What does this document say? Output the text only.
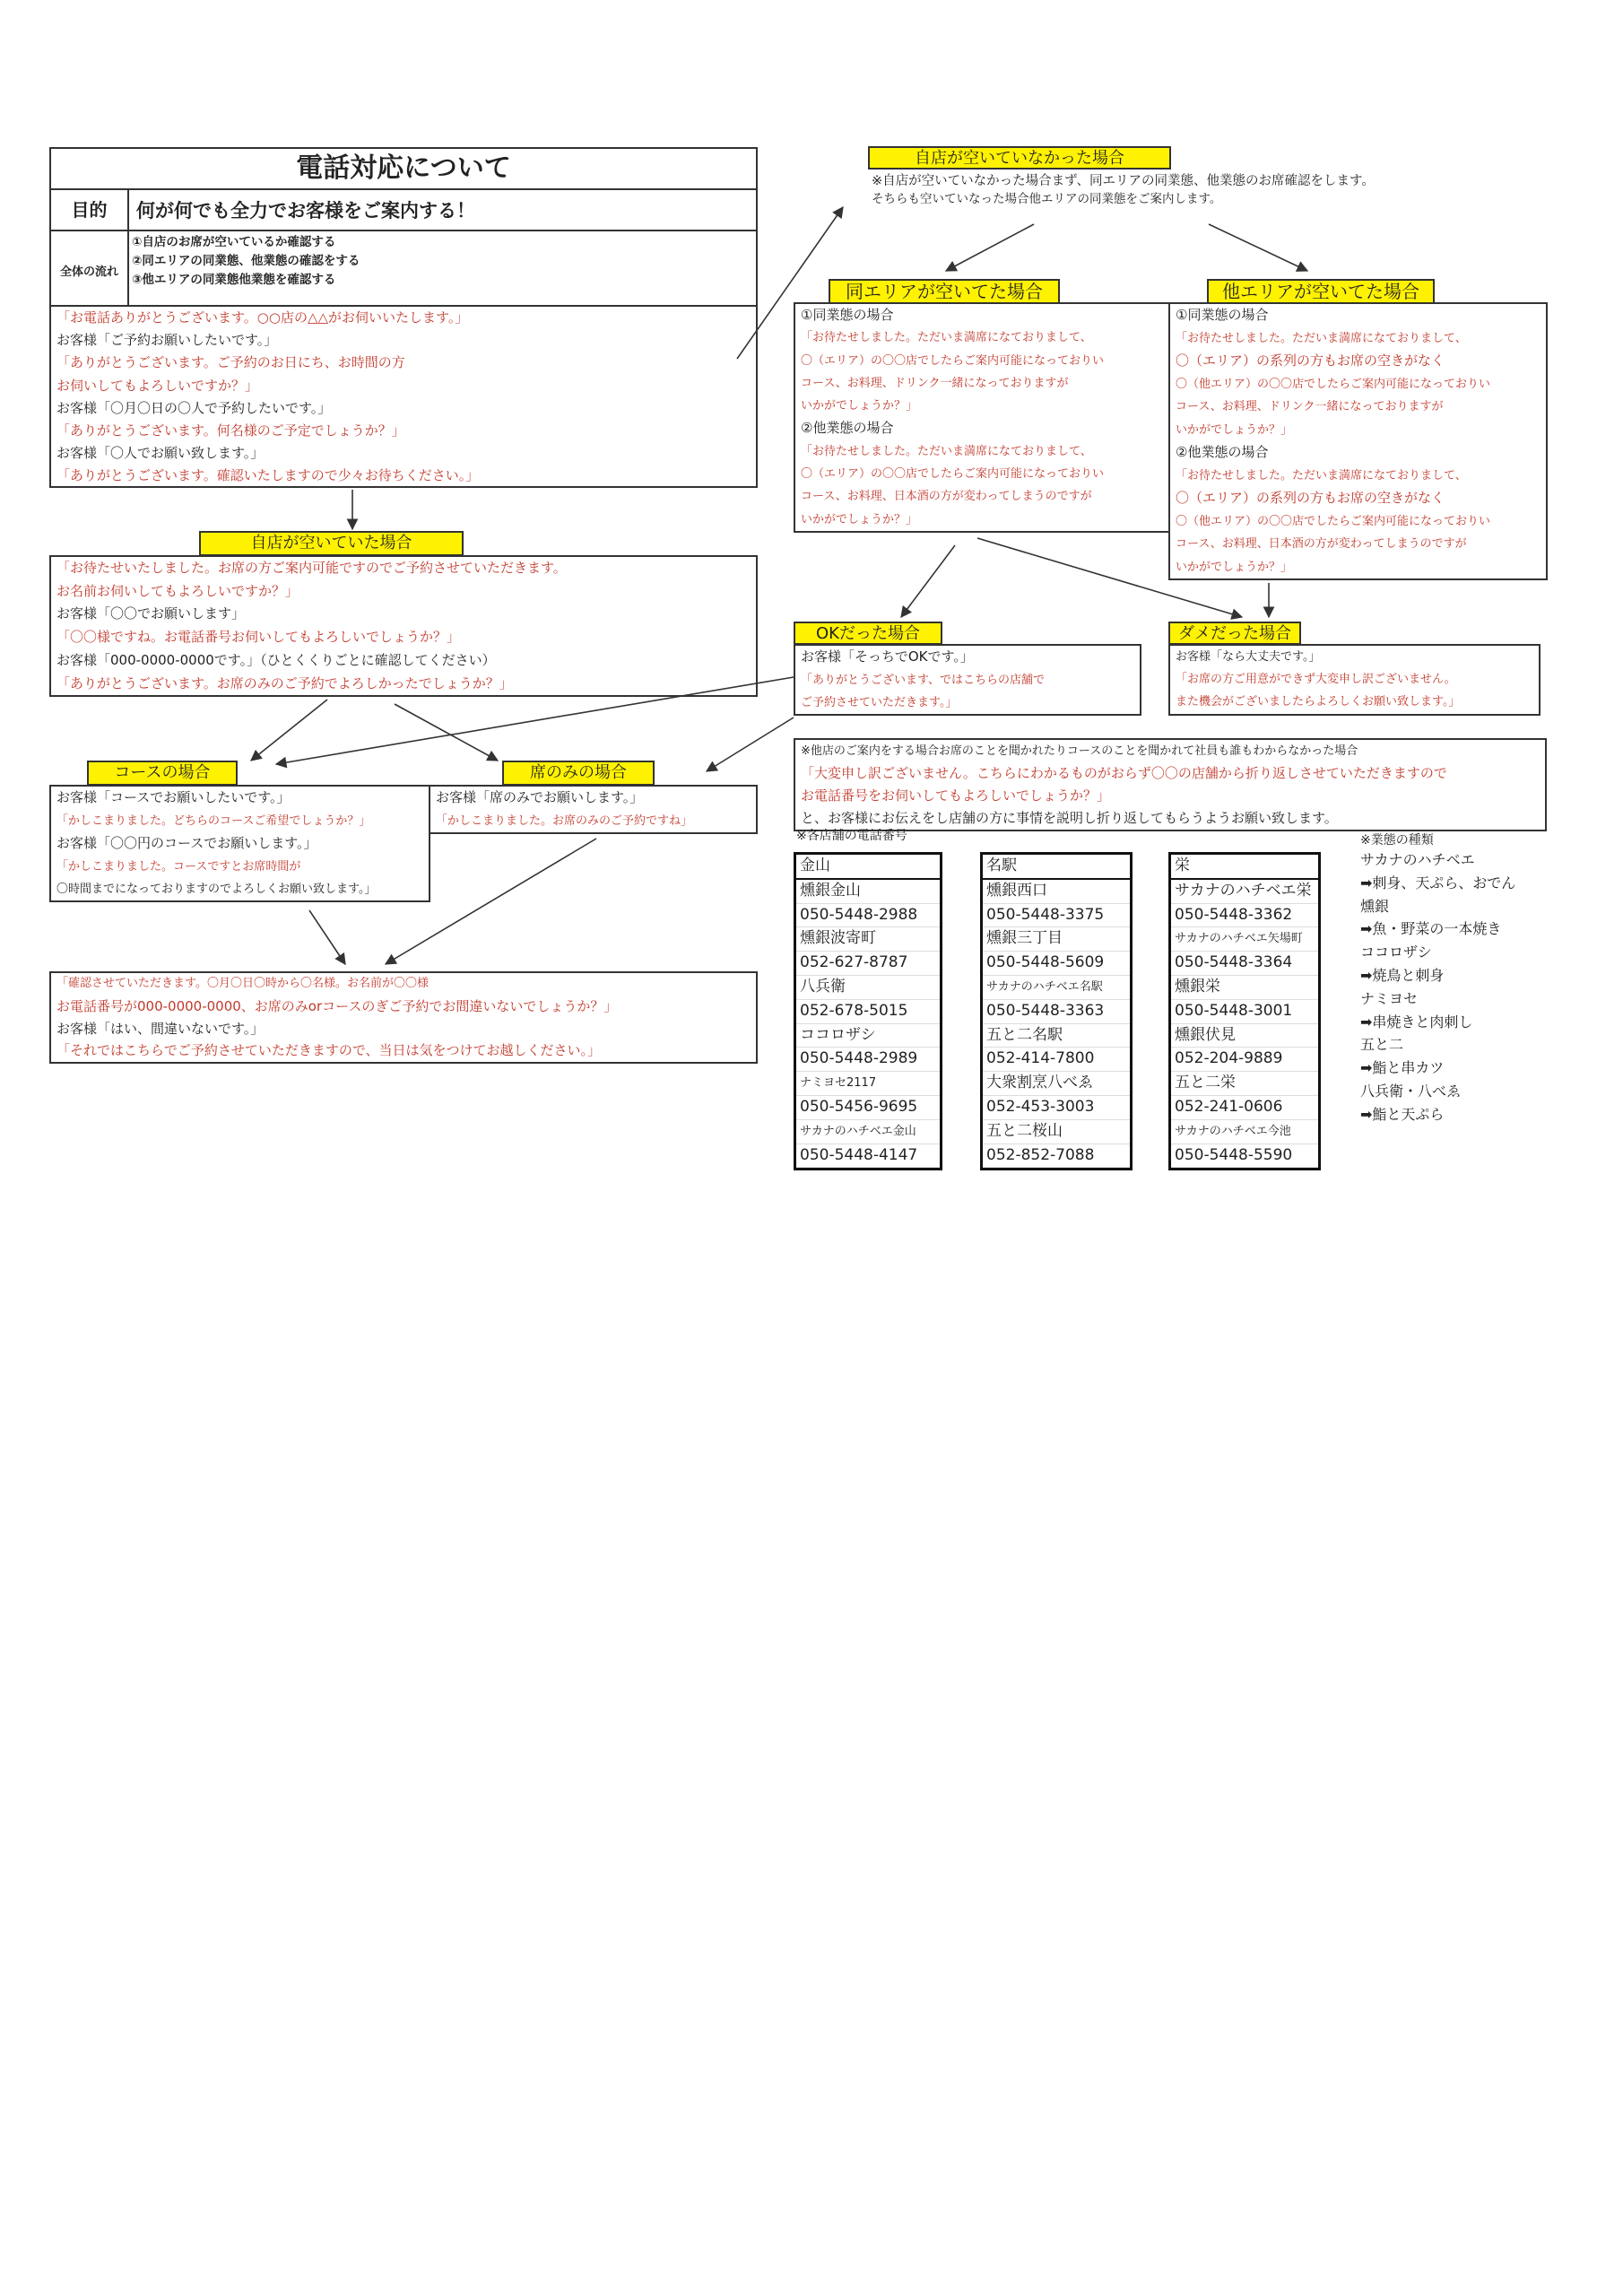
電話対応について
目的	何が何でも全力でお客様をご案内する！
全体の流れ
①自店のお席が空いているか確認する
②同エリアの同業態、他業態の確認をする
③他エリアの同業態他業態を確認する
「お電話ありがとうございます。○○店の△△がお伺いいたします。」
お客様「ご予約お願いしたいです。」
「ありがとうございます。ご予約のお日にち、お時間の方
お伺いしてもよろしいですか？」
お客様「〇月〇日の〇人で予約したいです。」
「ありがとうございます。何名様のご予定でしょうか？」
お客様「〇人でお願い致します。」
「ありがとうございます。確認いたしますので少々お待ちください。」
自店が空いていた場合
「お待たせいたしました。お席の方ご案内可能ですのでご予約させていただきます。
お名前お伺いしてもよろしいですか？」
お客様「〇〇でお願いします」
「〇〇様ですね。お電話番号お伺いしてもよろしいでしょうか？」
お客様「000-0000-0000です。」（ひとくくりごとに確認してください）
「ありがとうございます。お席のみのご予約でよろしかったでしょうか？」
コースの場合
お客様「コースでお願いしたいです。」
「かしこまりました。どちらのコースご希望でしょうか？」
お客様「〇〇円のコースでお願いします。」
「かしこまりました。コースですとお席時間が
〇時間までになっておりますのでよろしくお願い致します。」
席のみの場合
お客様「席のみでお願いします。」
「かしこまりました。お席のみのご予約ですね」
「確認させていただきます。〇月〇日〇時から〇名様。お名前が〇〇様
お電話番号が000-0000-0000、お席のみorコースのぎご予約でお間違いないでしょうか？」
お客様「はい、間違いないです。」
「それではこちらでご予約させていただきますので、当日は気をつけてお越しください。」
自店が空いていなかった場合
※自店が空いていなかった場合まず、同エリアの同業態、他業態のお席確認をします。
そちらも空いていなった場合他エリアの同業態をご案内します。
同エリアが空いてた場合
①同業態の場合
「お待たせしました。ただいま満席になておりまして、
〇（エリア）の〇〇店でしたらご案内可能になっておりい
コース、お料理、ドリンク一緒になっておりますが
いかがでしょうか？」
②他業態の場合
「お待たせしました。ただいま満席になておりまして、
〇（エリア）の〇〇店でしたらご案内可能になっておりい
コース、お料理、日本酒の方が変わってしまうのですが
いかがでしょうか？」
他エリアが空いてた場合
①同業態の場合
「お待たせしました。ただいま満席になておりまして、
〇（エリア）の系列の方もお席の空きがなく
〇（他エリア）の〇〇店でしたらご案内可能になっておりい
コース、お料理、ドリンク一緒になっておりますが
いかがでしょうか？」
②他業態の場合
「お待たせしました。ただいま満席になておりまして、
〇（エリア）の系列の方もお席の空きがなく
〇（他エリア）の〇〇店でしたらご案内可能になっておりい
コース、お料理、日本酒の方が変わってしまうのですが
いかがでしょうか？」
OKだった場合
お客様「そっちでOKです。」
「ありがとうございます、ではこちらの店舗で
ご予約させていただきます。」
ダメだった場合
お客様「なら大丈夫です。」
「お席の方ご用意ができず大変申し訳ございません。
また機会がございましたらよろしくお願い致します。」
※他店のご案内をする場合お席のことを聞かれたりコースのことを聞かれて社員も誰もわからなかった場合
「大変申し訳ございません。こちらにわかるものがおらず〇〇の店舗から折り返しさせていただきますので
お電話番号をお伺いしてもよろしいでしょうか？」
と、お客様にお伝えをし店舗の方に事情を説明し折り返してもらうようお願い致します。
※各店舗の電話番号
金山
燻銀金山
050-5448-2988
燻銀波寄町
052-627-8787
八兵衛
052-678-5015
ココロザシ
050-5448-2989
ナミヨセ2117
050-5456-9695
サカナのハチベエ金山
050-5448-4147
名駅
燻銀西口
050-5448-3375
燻銀三丁目
050-5448-5609
サカナのハチベエ名駅
050-5448-3363
五と二名駅
052-414-7800
大衆割烹八べゑ
052-453-3003
五と二桜山
052-852-7088
栄
サカナのハチベエ栄
050-5448-3362
サカナのハチベエ矢場町
050-5448-3364
燻銀栄
050-5448-3001
燻銀伏見
052-204-9889
五と二栄
052-241-0606
サカナのハチベエ今池
050-5448-5590
※業態の種類
サカナのハチベエ
➡刺身、天ぷら、おでん
燻銀
➡魚・野菜の一本焼き
ココロザシ
➡焼鳥と刺身
ナミヨセ
➡串焼きと肉刺し
五と二
➡鮨と串カツ
八兵衛・八べゑ
➡鮨と天ぷら
